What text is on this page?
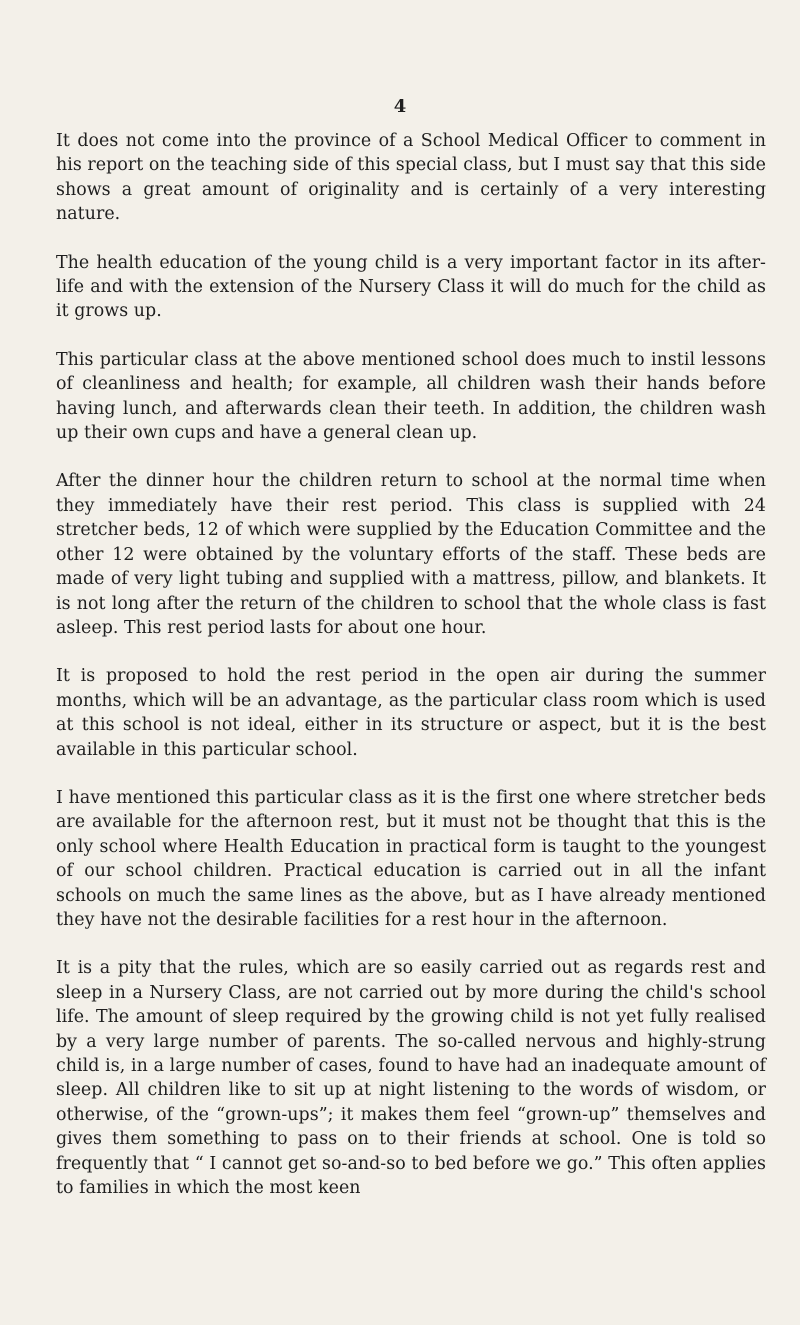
4

It does not come into the province of a School Medical Officer to comment in his report on the teaching side of this special class, but I must say that this side shows a great amount of originality and is certainly of a very interesting nature.

The health education of the young child is a very important factor in its after-life and with the extension of the Nursery Class it will do much for the child as it grows up.

This particular class at the above mentioned school does much to instil lessons of cleanliness and health; for example, all children wash their hands before having lunch, and afterwards clean their teeth. In addition, the children wash up their own cups and have a general clean up.

After the dinner hour the children return to school at the normal time when they immediately have their rest period. This class is supplied with 24 stretcher beds, 12 of which were supplied by the Education Committee and the other 12 were obtained by the voluntary efforts of the staff. These beds are made of very light tubing and supplied with a mattress, pillow, and blankets. It is not long after the return of the children to school that the whole class is fast asleep. This rest period lasts for about one hour.

It is proposed to hold the rest period in the open air during the summer months, which will be an advantage, as the particular class room which is used at this school is not ideal, either in its structure or aspect, but it is the best available in this particular school.

I have mentioned this particular class as it is the first one where stretcher beds are available for the afternoon rest, but it must not be thought that this is the only school where Health Education in practical form is taught to the youngest of our school children. Practical education is carried out in all the infant schools on much the same lines as the above, but as I have already mentioned they have not the desirable facilities for a rest hour in the afternoon.

It is a pity that the rules, which are so easily carried out as regards rest and sleep in a Nursery Class, are not carried out by more during the child's school life. The amount of sleep required by the growing child is not yet fully realised by a very large number of parents. The so-called nervous and highly-strung child is, in a large number of cases, found to have had an inadequate amount of sleep. All children like to sit up at night listening to the words of wisdom, or otherwise, of the “grown-ups”; it makes them feel “grown-up” themselves and gives them something to pass on to their friends at school. One is told so frequently that “ I cannot get so-and-so to bed before we go.” This often applies to families in which the most keen
